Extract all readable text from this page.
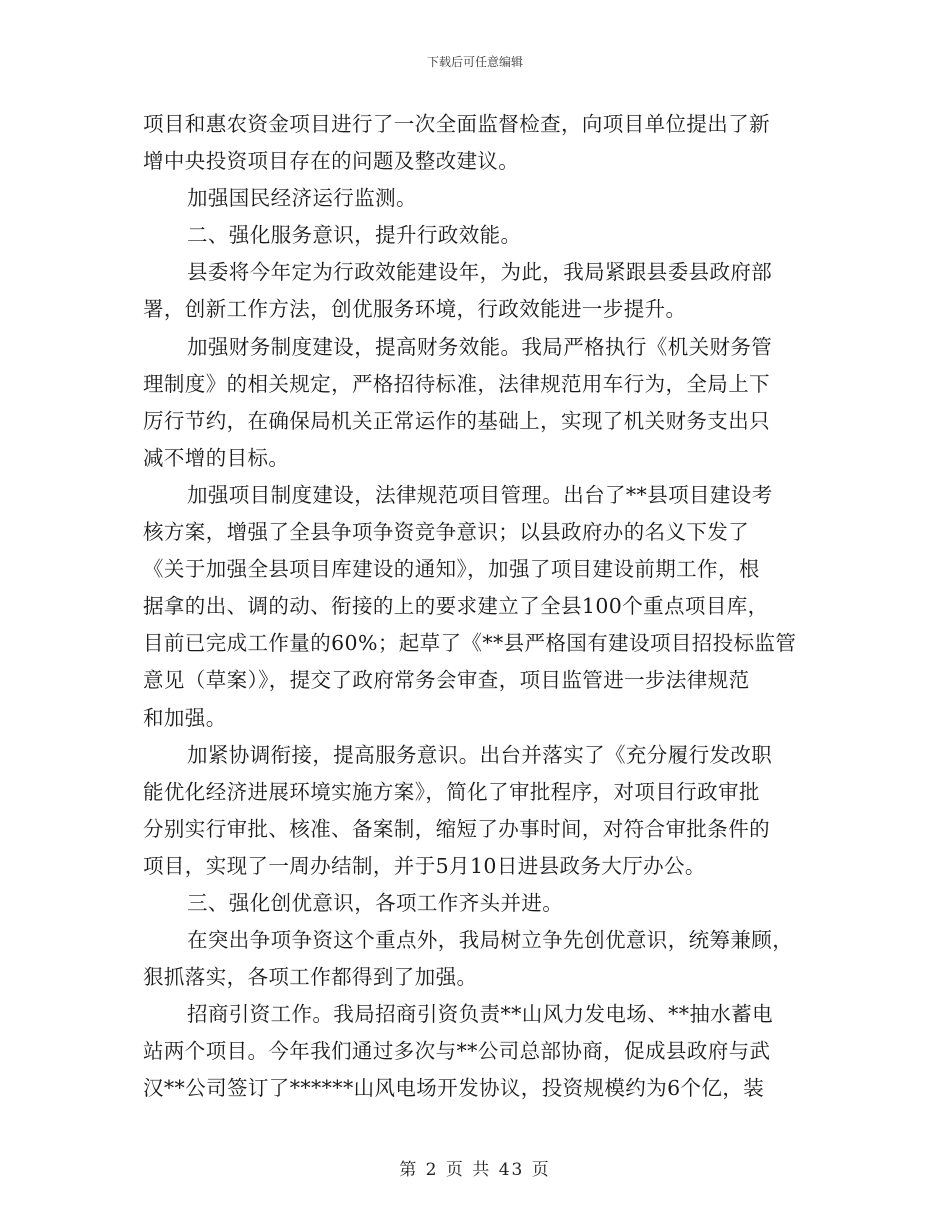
下载后可任意编辑

项目和惠农资金项目进行了一次全面监督检查，向项目单位提出了新
增中央投资项目存在的问题及整改建议。

加强国民经济运行监测。

二、强化服务意识，提升行政效能。

县委将今年定为行政效能建设年，为此，我局紧跟县委县政府部
署，创新工作方法，创优服务环境，行政效能进一步提升。

加强财务制度建设，提高财务效能。我局严格执行《机关财务管
理制度》的相关规定，严格招待标准，法律规范用车行为，全局上下
厉行节约，在确保局机关正常运作的基础上，实现了机关财务支出只
减不增的目标。

加强项目制度建设，法律规范项目管理。出台了**县项目建设考
核方案，增强了全县争项争资竞争意识；以县政府办的名义下发了
《关于加强全县项目库建设的通知》，加强了项目建设前期工作，根
据拿的出、调的动、衔接的上的要求建立了全县100个重点项目库，
目前已完成工作量的60%；起草了《**县严格国有建设项目招投标监管
意见（草案）》，提交了政府常务会审查，项目监管进一步法律规范
和加强。

加紧协调衔接，提高服务意识。出台并落实了《充分履行发改职
能优化经济进展环境实施方案》，简化了审批程序，对项目行政审批
分别实行审批、核准、备案制，缩短了办事时间，对符合审批条件的
项目，实现了一周办结制，并于5月10日进县政务大厅办公。

三、强化创优意识，各项工作齐头并进。

在突出争项争资这个重点外，我局树立争先创优意识，统筹兼顾，
狠抓落实，各项工作都得到了加强。

招商引资工作。我局招商引资负责**山风力发电场、**抽水蓄电
站两个项目。今年我们通过多次与**公司总部协商，促成县政府与武
汉**公司签订了******山风电场开发协议，投资规模约为6个亿，装

第 2 页 共 43 页
